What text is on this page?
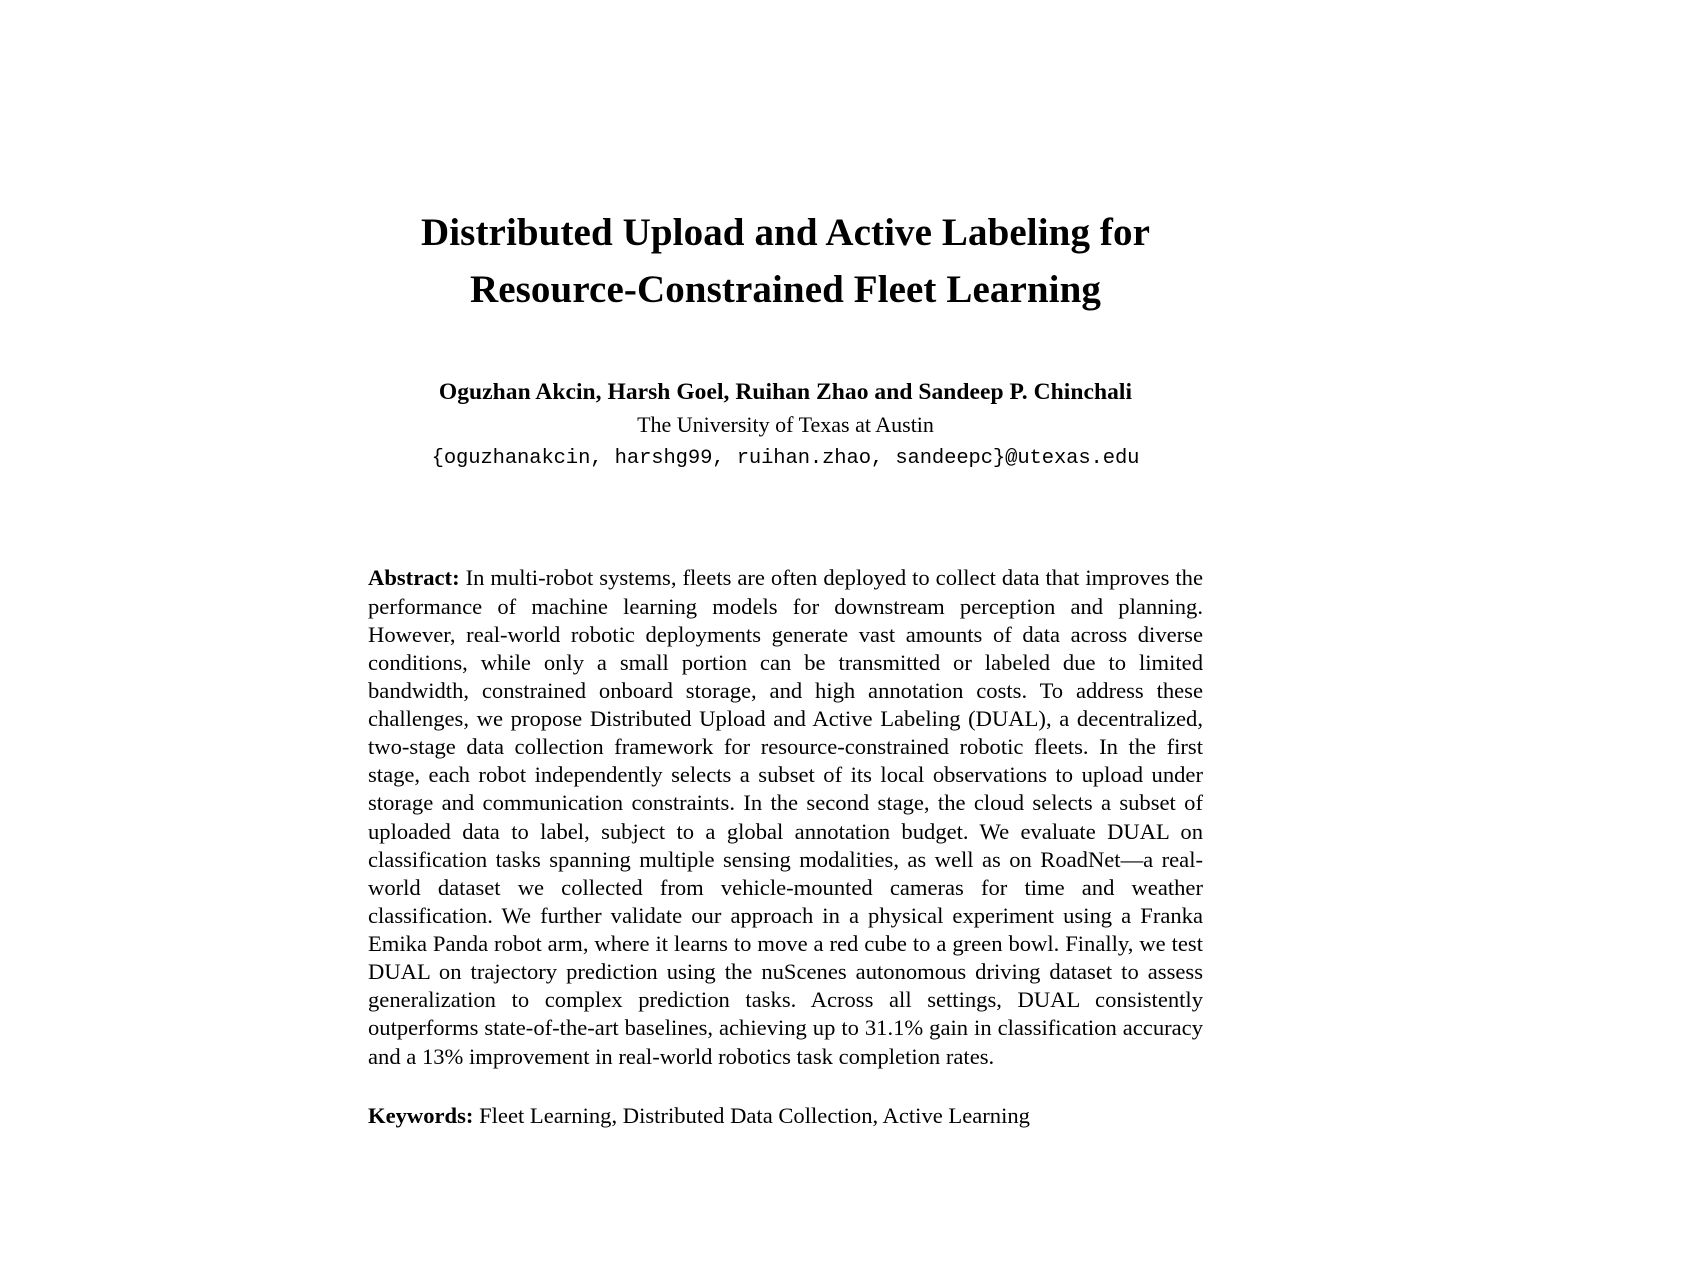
Distributed Upload and Active Labeling for
Resource-Constrained Fleet Learning

Oguzhan Akcin, Harsh Goel, Ruihan Zhao and Sandeep P. Chinchali

The University of Texas at Austin

{oguzhanakcin, harshg99, ruihan.zhao, sandeepc}@utexas.edu

Abstract: In multi-robot systems, fleets are often deployed to collect data that improves the performance of machine learning models for downstream perception and planning. However, real-world robotic deployments generate vast amounts of data across diverse conditions, while only a small portion can be transmitted or labeled due to limited bandwidth, constrained onboard storage, and high annotation costs. To address these challenges, we propose Distributed Upload and Active Labeling (DUAL), a decentralized, two-stage data collection framework for resource-constrained robotic fleets. In the first stage, each robot independently selects a subset of its local observations to upload under storage and communication constraints. In the second stage, the cloud selects a subset of uploaded data to label, subject to a global annotation budget. We evaluate DUAL on classification tasks spanning multiple sensing modalities, as well as on RoadNet—a real-world dataset we collected from vehicle-mounted cameras for time and weather classification. We further validate our approach in a physical experiment using a Franka Emika Panda robot arm, where it learns to move a red cube to a green bowl. Finally, we test DUAL on trajectory prediction using the nuScenes autonomous driving dataset to assess generalization to complex prediction tasks. Across all settings, DUAL consistently outperforms state-of-the-art baselines, achieving up to 31.1% gain in classification accuracy and a 13% improvement in real-world robotics task completion rates.

Keywords: Fleet Learning, Distributed Data Collection, Active Learning
